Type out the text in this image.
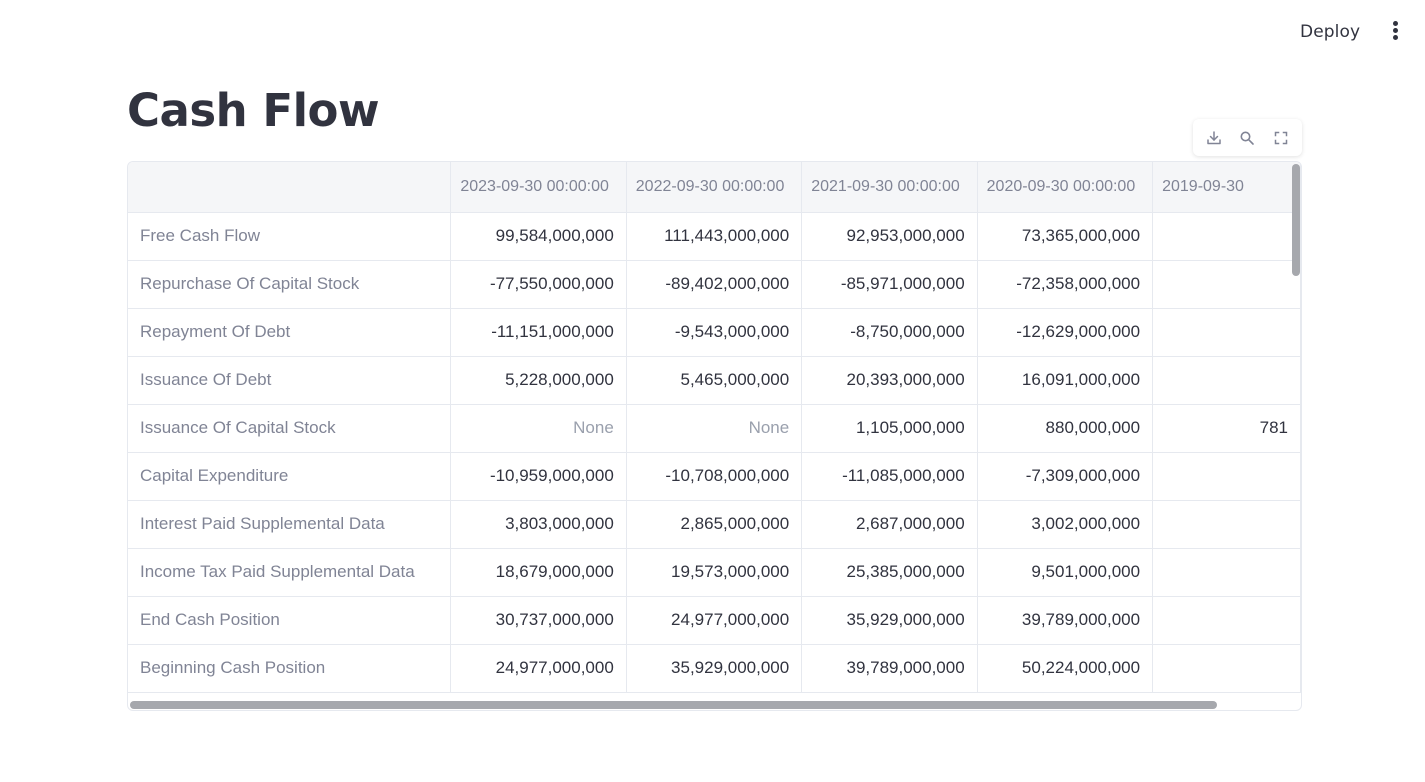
Deploy
Cash Flow
	2023-09-30 00:00:00	2022-09-30 00:00:00	2021-09-30 00:00:00	2020-09-30 00:00:00	2019-09-30
Free Cash Flow	99,584,000,000	111,443,000,000	92,953,000,000	73,365,000,000	
Repurchase Of Capital Stock	-77,550,000,000	-89,402,000,000	-85,971,000,000	-72,358,000,000	
Repayment Of Debt	-11,151,000,000	-9,543,000,000	-8,750,000,000	-12,629,000,000	
Issuance Of Debt	5,228,000,000	5,465,000,000	20,393,000,000	16,091,000,000	
Issuance Of Capital Stock	None	None	1,105,000,000	880,000,000	781
Capital Expenditure	-10,959,000,000	-10,708,000,000	-11,085,000,000	-7,309,000,000	
Interest Paid Supplemental Data	3,803,000,000	2,865,000,000	2,687,000,000	3,002,000,000	
Income Tax Paid Supplemental Data	18,679,000,000	19,573,000,000	25,385,000,000	9,501,000,000	
End Cash Position	30,737,000,000	24,977,000,000	35,929,000,000	39,789,000,000	
Beginning Cash Position	24,977,000,000	35,929,000,000	39,789,000,000	50,224,000,000	
